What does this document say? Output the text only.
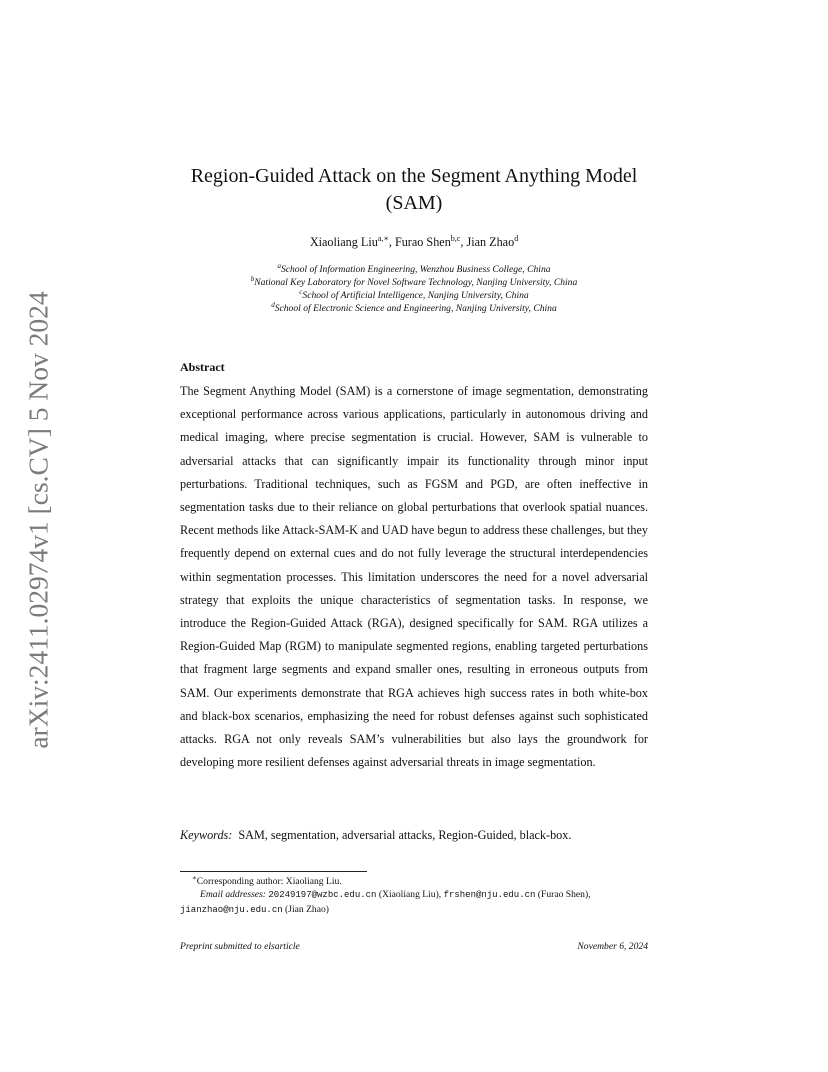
arXiv:2411.02974v1 [cs.CV] 5 Nov 2024
Region-Guided Attack on the Segment Anything Model
(SAM)
Xiaoliang Liu$^{a,∗}$, Furao Shen$^{b,c}$, Jian Zhao$^d$
$^a$School of Information Engineering, Wenzhou Business College, China
$^b$National Key Laboratory for Novel Software Technology, Nanjing University, China
$^c$School of Artificial Intelligence, Nanjing University, China
$^d$School of Electronic Science and Engineering, Nanjing University, China
Abstract

The Segment Anything Model (SAM) is a cornerstone of image segmentation, demonstrating exceptional performance across various applications, particularly in autonomous driving and medical imaging, where precise segmentation is crucial. However, SAM is vulnerable to adversarial attacks that can significantly impair its functionality through minor input perturbations. Traditional techniques, such as FGSM and PGD, are often ineffective in segmentation tasks due to their reliance on global perturbations that overlook spatial nuances. Recent methods like Attack-SAM-K and UAD have begun to address these challenges, but they frequently depend on external cues and do not fully leverage the structural interdependencies within segmentation processes. This limitation underscores the need for a novel adversarial strategy that exploits the unique characteristics of segmentation tasks. In response, we introduce the Region-Guided Attack (RGA), designed specifically for SAM. RGA utilizes a Region-Guided Map (RGM) to manipulate segmented regions, enabling targeted perturbations that fragment large segments and expand smaller ones, resulting in erroneous outputs from SAM. Our experiments demonstrate that RGA achieves high success rates in both white-box and black-box scenarios, emphasizing the need for robust defenses against such sophisticated attacks. RGA not only reveals SAM’s vulnerabilities but also lays the groundwork for developing more resilient defenses against adversarial threats in image segmentation.

Keywords: SAM, segmentation, adversarial attacks, Region-Guided, black-box.
∗Corresponding author: Xiaoliang Liu.
Email addresses: 20249197@wzbc.edu.cn (Xiaoliang Liu), frshen@nju.edu.cn (Furao Shen),
jianzhao@nju.edu.cn (Jian Zhao)
Preprint submitted to elsarticle	November 6, 2024
